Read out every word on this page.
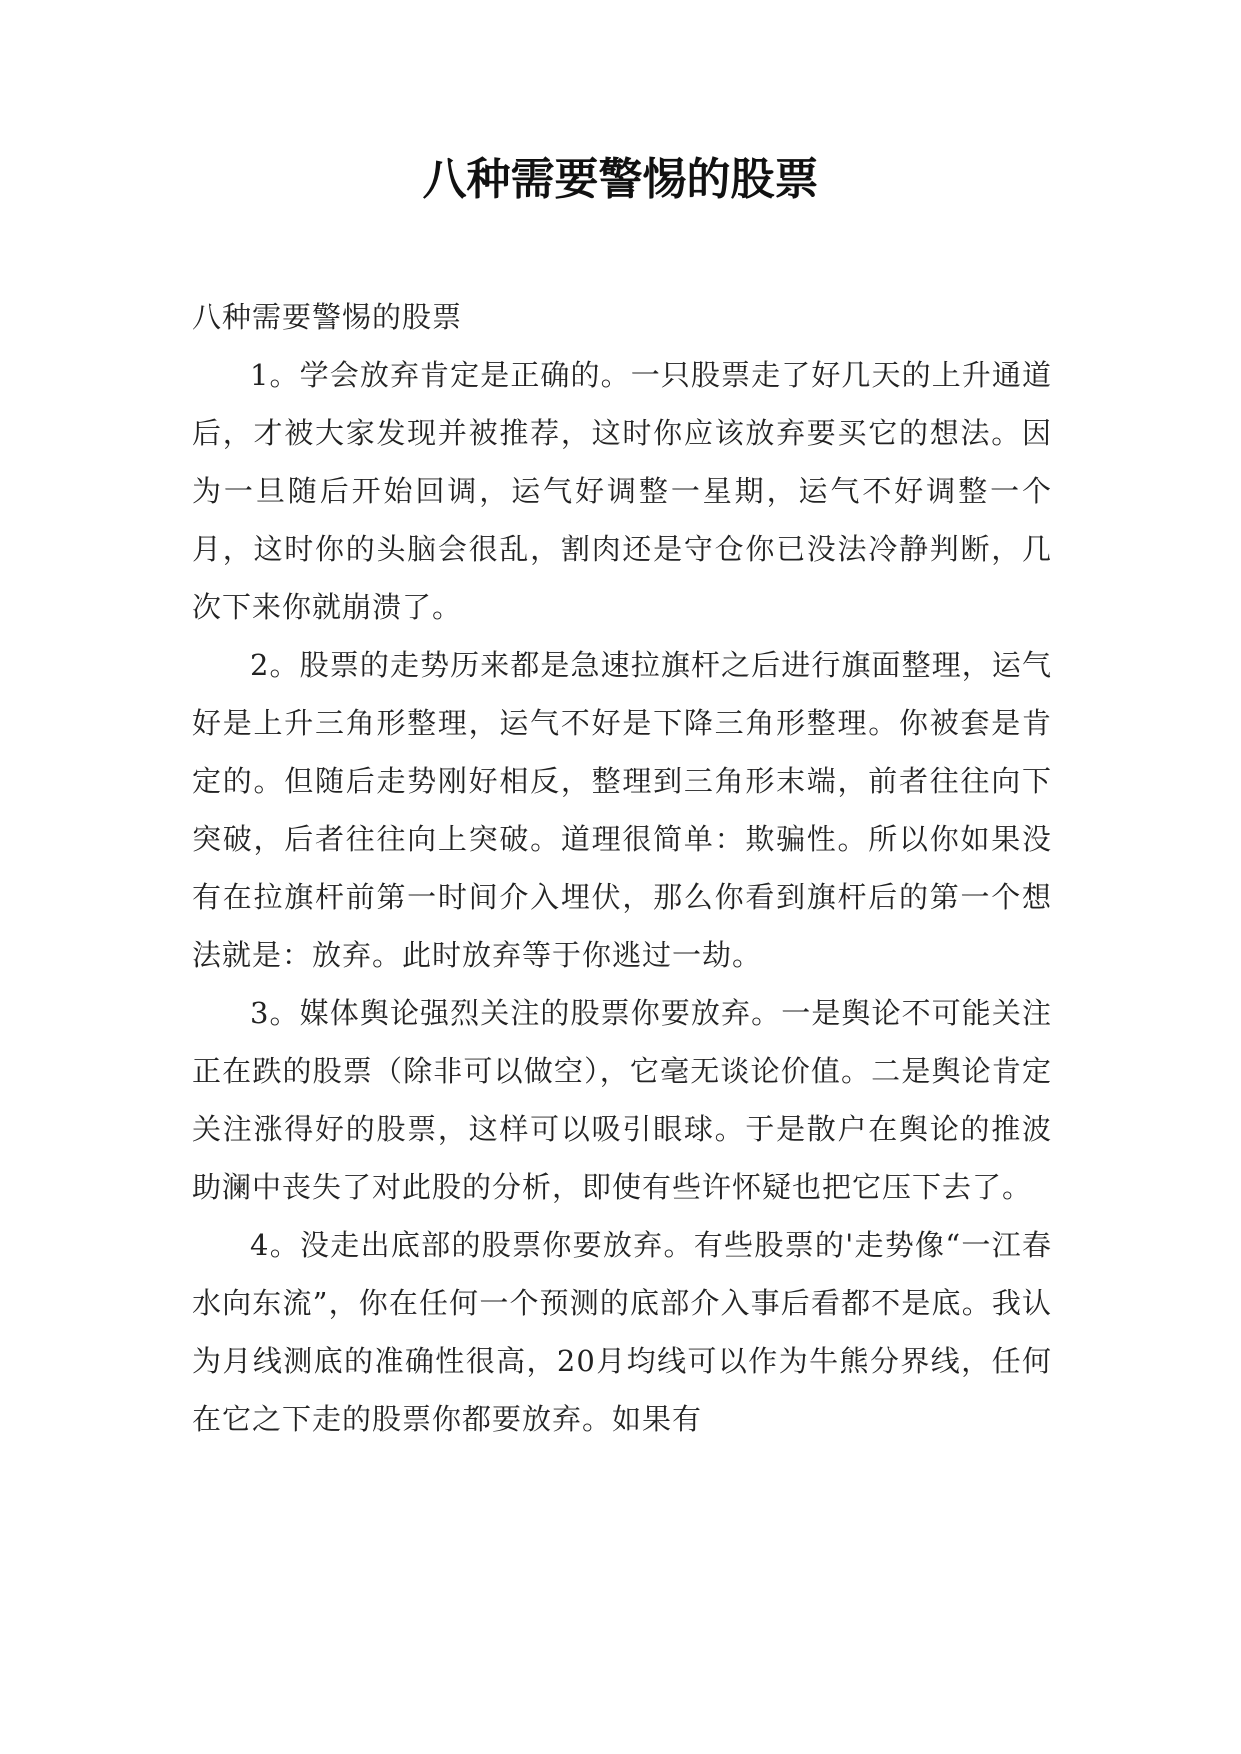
八种需要警惕的股票

八种需要警惕的股票

1。学会放弃肯定是正确的。一只股票走了好几天的上升通道后，才被大家发现并被推荐，这时你应该放弃要买它的想法。因为一旦随后开始回调，运气好调整一星期，运气不好调整一个月，这时你的头脑会很乱，割肉还是守仓你已没法冷静判断，几次下来你就崩溃了。

2。股票的走势历来都是急速拉旗杆之后进行旗面整理，运气好是上升三角形整理，运气不好是下降三角形整理。你被套是肯定的。但随后走势刚好相反，整理到三角形末端，前者往往向下突破，后者往往向上突破。道理很简单：欺骗性。所以你如果没有在拉旗杆前第一时间介入埋伏，那么你看到旗杆后的第一个想法就是：放弃。此时放弃等于你逃过一劫。

3。媒体舆论强烈关注的股票你要放弃。一是舆论不可能关注正在跌的股票（除非可以做空），它毫无谈论价值。二是舆论肯定关注涨得好的股票，这样可以吸引眼球。于是散户在舆论的推波助澜中丧失了对此股的分析，即使有些许怀疑也把它压下去了。

4。没走出底部的股票你要放弃。有些股票的'走势像“一江春水向东流”，你在任何一个预测的底部介入事后看都不是底。我认为月线测底的准确性很高，20月均线可以作为牛熊分界线，任何在它之下走的股票你都要放弃。如果有
